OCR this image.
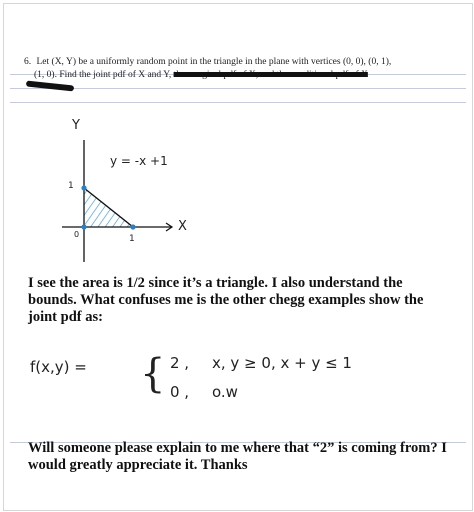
6. Let (X, Y) be a uniformly random point in the triangle in the plane with vertices (0, 0), (0, 1),
(1, 0). Find the joint pdf of X and Y, the marginal pdf of X, and the conditional pdf of X
Y
X
y = -x +1
1
1
0
I see the area is 1/2 since it’s a triangle. I also understand the bounds. What confuses me is the other chegg examples show the joint pdf as:
f(x,y) = { 2 , x, y ≥ 0, x + y ≤ 1
0 , o.w
Will someone please explain to me where that “2” is coming from? I would greatly appreciate it. Thanks
